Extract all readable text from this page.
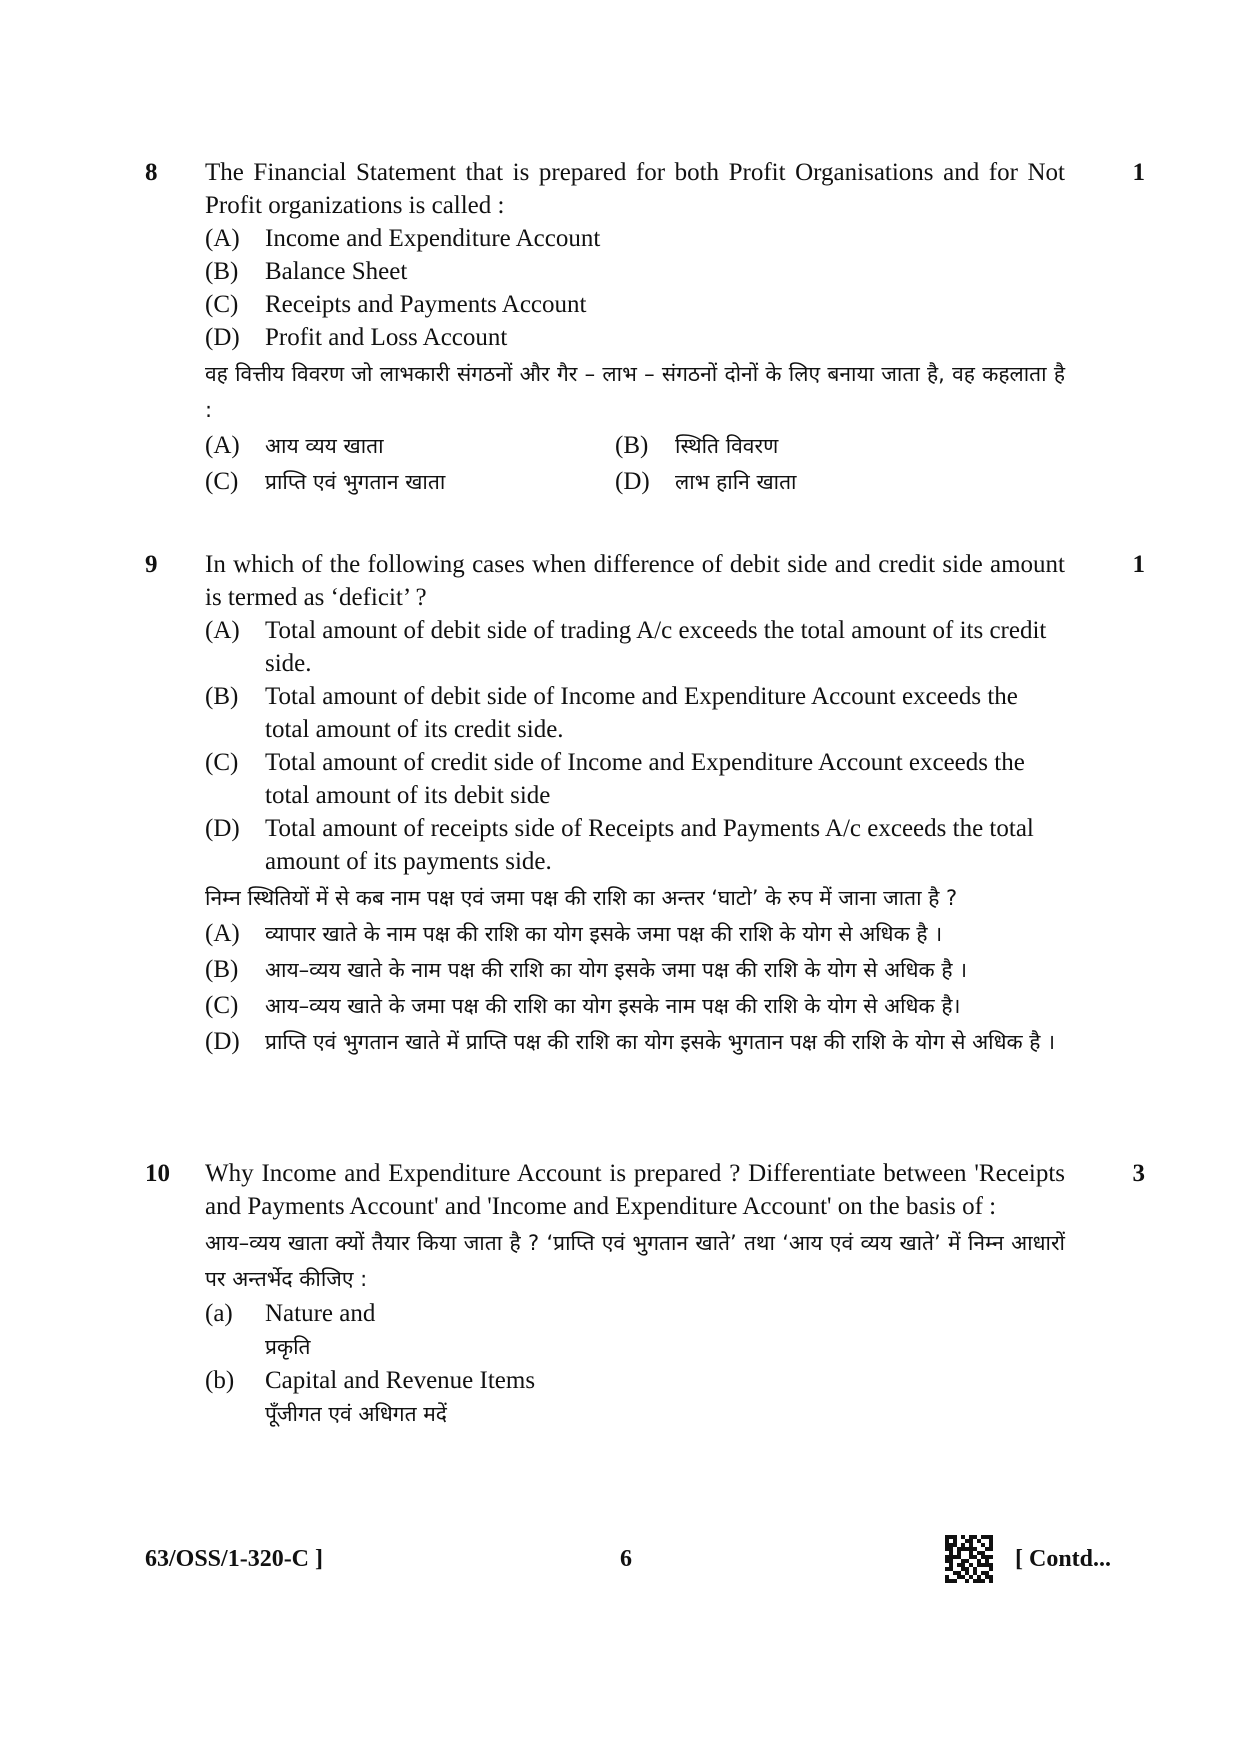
8	1
The Financial Statement that is prepared for both Profit Organisations and for Not Profit organizations is called :
(A)	Income and Expenditure Account
(B)	Balance Sheet
(C)	Receipts and Payments Account
(D)	Profit and Loss Account
वह वित्तीय विवरण जो लाभकारी संगठनों और गैर – लाभ – संगठनों दोनों के लिए बनाया जाता है, वह कहलाता है :
(A)	आय व्यय खाता	(B)	स्थिति विवरण
(C)	प्राप्ति एवं भुगतान खाता	(D)	लाभ हानि खाता
9	1
In which of the following cases when difference of debit side and credit side amount is termed as ‘deficit’ ?
(A)	Total amount of debit side of trading A/c exceeds the total amount of its credit side.
(B)	Total amount of debit side of Income and Expenditure Account exceeds the total amount of its credit side.
(C)	Total amount of credit side of Income and Expenditure Account exceeds the total amount of its debit side
(D)	Total amount of receipts side of Receipts and Payments A/c exceeds the total amount of its payments side.
निम्न स्थितियों में से कब नाम पक्ष एवं जमा पक्ष की राशि का अन्तर ‘घाटो’ के रुप में जाना जाता है ?
(A)	व्यापार खाते के नाम पक्ष की राशि का योग इसके जमा पक्ष की राशि के योग से अधिक है ।
(B)	आय–व्यय खाते के नाम पक्ष की राशि का योग इसके जमा पक्ष की राशि के योग से अधिक है ।
(C)	आय–व्यय खाते के जमा पक्ष की राशि का योग इसके नाम पक्ष की राशि के योग से अधिक है।
(D)	प्राप्ति एवं भुगतान खाते में प्राप्ति पक्ष की राशि का योग इसके भुगतान पक्ष की राशि के योग से अधिक है ।
10	3
Why Income and Expenditure Account is prepared ? Differentiate between 'Receipts and Payments Account' and 'Income and Expenditure Account' on the basis of :
आय–व्यय खाता क्यों तैयार किया जाता है ? ‘प्राप्ति एवं भुगतान खाते’ तथा ‘आय एवं व्यय खाते’ में निम्न आधारों पर अन्तर्भेद कीजिए :
(a)	Nature and
प्रकृति
(b)	Capital and Revenue Items
पूँजीगत एवं अधिगत मदें
63/OSS/1-320-C ]	6	[ Contd...
